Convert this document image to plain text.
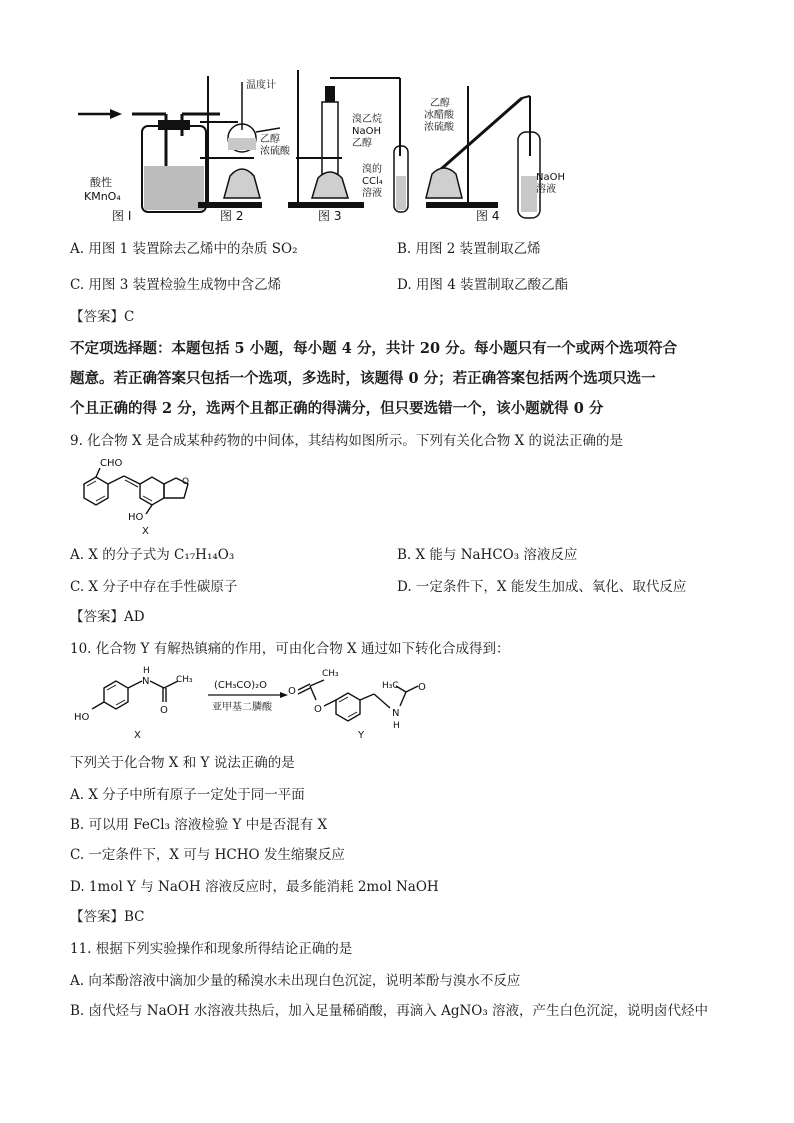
酸性
KMnO₄
图 I
温度计
乙醇
浓硫酸
图 2
溴乙烷
NaOH
乙醇
溴的
CCl₄
溶液
图 3
乙醇
冰醋酸
浓硫酸
NaOH
溶液
图 4
A. 用图 1 装置除去乙烯中的杂质 SO₂	B. 用图 2 装置制取乙烯
C. 用图 3 装置检验生成物中含乙烯	D. 用图 4 装置制取乙酸乙酯
【答案】C
不定项选择题：本题包括 5 小题，每小题 4 分，共计 20 分。每小题只有一个或两个选项符合
题意。若正确答案只包括一个选项，多选时，该题得 0 分；若正确答案包括两个选项只选一
个且正确的得 2 分，选两个且都正确的得满分，但只要选错一个，该小题就得 0 分
9. 化合物 X 是合成某种药物的中间体，其结构如图所示。下列有关化合物 X 的说法正确的是
CHO
O
HO
X
A. X 的分子式为 C₁₇H₁₄O₃	B. X 能与 NaHCO₃ 溶液反应
C. X 分子中存在手性碳原子	D. 一定条件下，X 能发生加成、氧化、取代反应
【答案】AD
10. 化合物 Y 有解热镇痛的作用，可由化合物 X 通过如下转化合成得到：
HO
N
H
CH₃
O
X
(CH₃CO)₂O
亚甲基二膦酸
O
CH₃
O
H₃C O
N
H
Y
下列关于化合物 X 和 Y 说法正确的是
A. X 分子中所有原子一定处于同一平面
B. 可以用 FeCl₃ 溶液检验 Y 中是否混有 X
C. 一定条件下，X 可与 HCHO 发生缩聚反应
D. 1mol Y 与 NaOH 溶液反应时，最多能消耗 2mol NaOH
【答案】BC
11. 根据下列实验操作和现象所得结论正确的是
A. 向苯酚溶液中滴加少量的稀溴水未出现白色沉淀，说明苯酚与溴水不反应
B. 卤代烃与 NaOH 水溶液共热后，加入足量稀硝酸，再滴入 AgNO₃ 溶液，产生白色沉淀，说明卤代烃中
